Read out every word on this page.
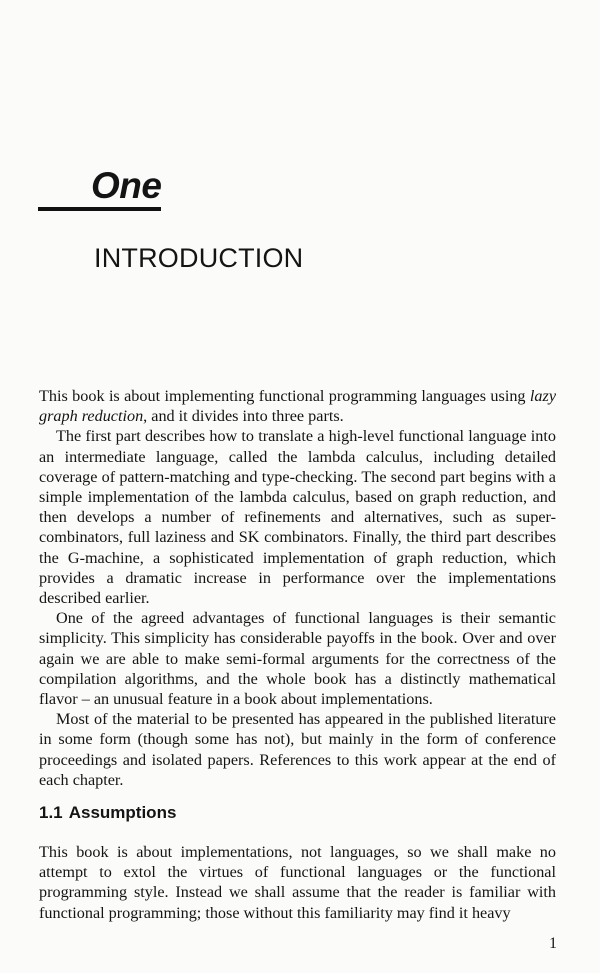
One
INTRODUCTION

This book is about implementing functional programming languages using lazy graph reduction, and it divides into three parts.

The first part describes how to translate a high-level functional language into an intermediate language, called the lambda calculus, including detailed coverage of pattern-matching and type-checking. The second part begins with a simple implementation of the lambda calculus, based on graph reduction, and then develops a number of refinements and alternatives, such as super-combinators, full laziness and SK combinators. Finally, the third part describes the G-machine, a sophisticated implementation of graph reduction, which provides a dramatic increase in performance over the implementations described earlier.

One of the agreed advantages of functional languages is their semantic simplicity. This simplicity has considerable payoffs in the book. Over and over again we are able to make semi-formal arguments for the correctness of the compilation algorithms, and the whole book has a distinctly mathematical flavor – an unusual feature in a book about implementations.

Most of the material to be presented has appeared in the published literature in some form (though some has not), but mainly in the form of conference proceedings and isolated papers. References to this work appear at the end of each chapter.

1.1 Assumptions

This book is about implementations, not languages, so we shall make no attempt to extol the virtues of functional languages or the functional programming style. Instead we shall assume that the reader is familiar with functional programming; those without this familiarity may find it heavy

1
